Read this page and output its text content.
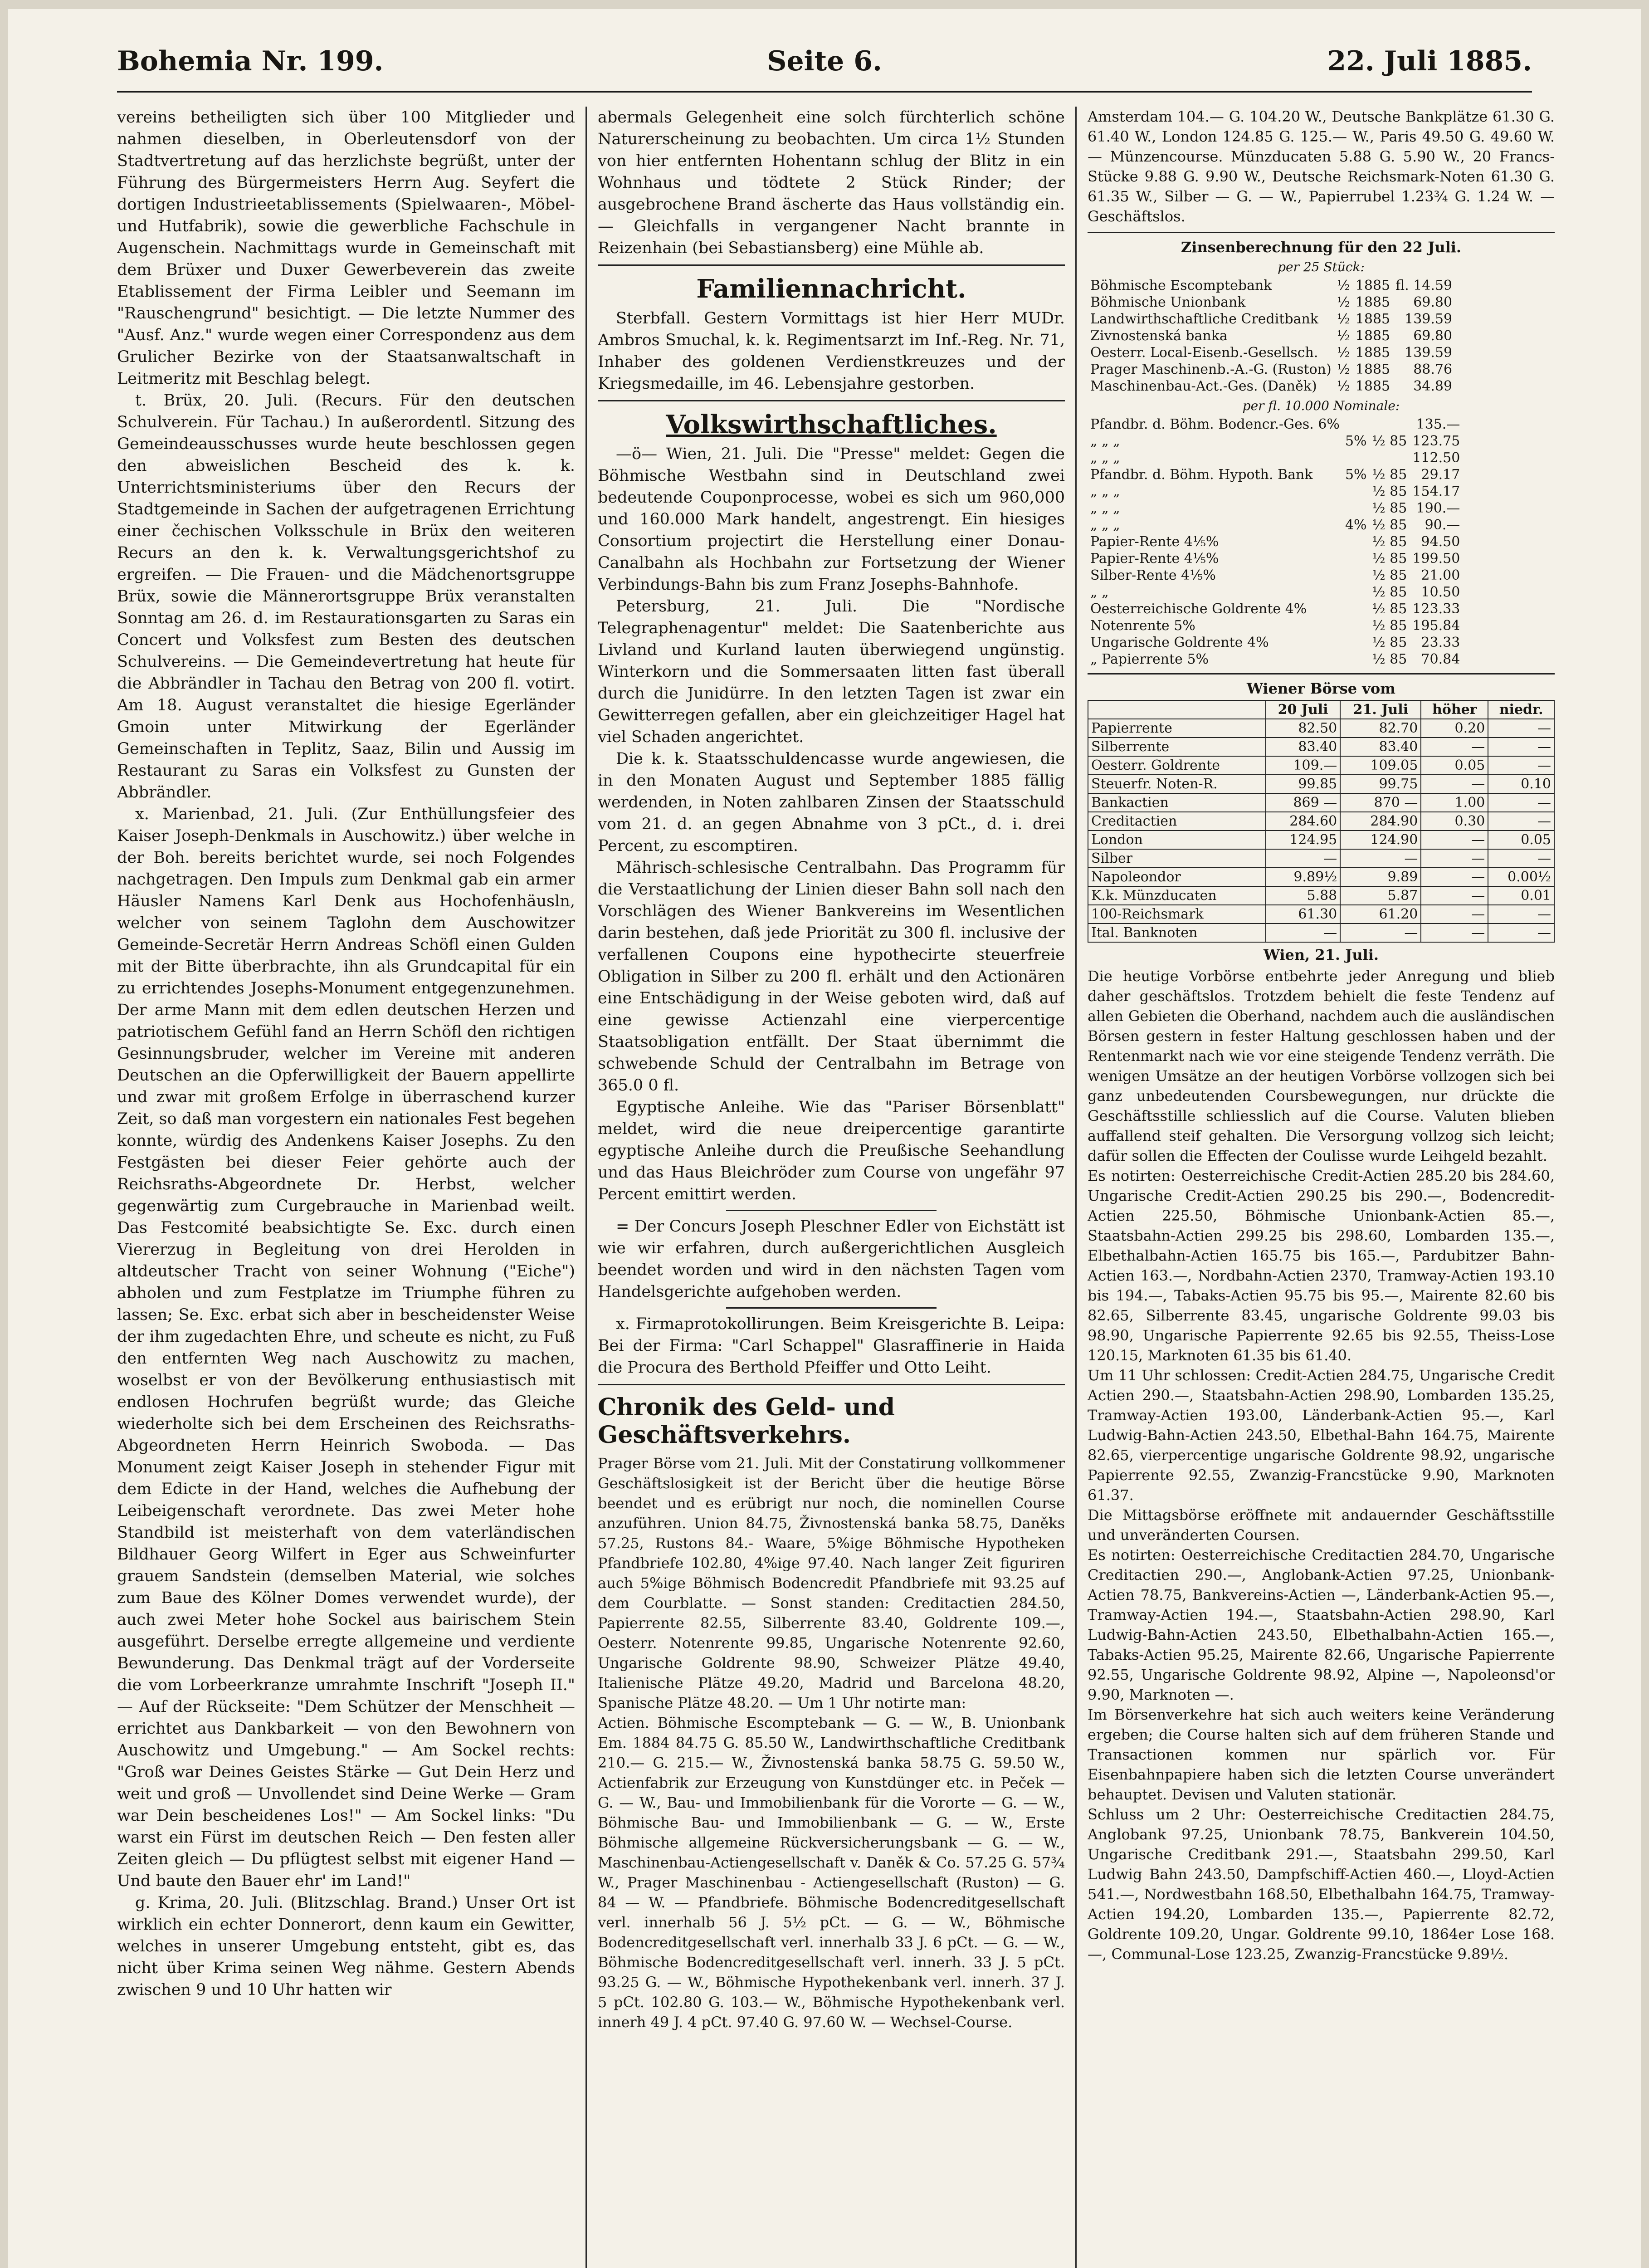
Bohemia Nr. 199.	Seite 6.	22. Juli 1885.

vereins betheiligten sich über 100 Mitglieder und nahmen dieselben, in Oberleutensdorf von der Stadtvertretung auf das herzlichste begrüßt, unter der Führung des Bürgermeisters Herrn Aug. Seyfert die dortigen Industrieetablissements (Spielwaaren-, Möbel- und Hutfabrik), sowie die gewerbliche Fachschule in Augenschein. Nachmittags wurde in Gemeinschaft mit dem Brüxer und Duxer Gewerbeverein das zweite Etablissement der Firma Leibler und Seemann im "Rauschengrund" besichtigt. — Die letzte Nummer des "Ausf. Anz." wurde wegen einer Correspondenz aus dem Grulicher Bezirke von der Staatsanwaltschaft in Leitmeritz mit Beschlag belegt.

t. Brüx, 20. Juli. (Recurs. Für den deutschen Schulverein. Für Tachau.) In außerordentl. Sitzung des Gemeindeausschusses wurde heute beschlossen gegen den abweislichen Bescheid des k. k. Unterrichtsministeriums über den Recurs der Stadtgemeinde in Sachen der aufgetragenen Errichtung einer čechischen Volksschule in Brüx den weiteren Recurs an den k. k. Verwaltungsgerichtshof zu ergreifen. — Die Frauen- und die Mädchenortsgruppe Brüx, sowie die Männerortsgruppe Brüx veranstalten Sonntag am 26. d. im Restaurationsgarten zu Saras ein Concert und Volksfest zum Besten des deutschen Schulvereins. — Die Gemeindevertretung hat heute für die Abbrändler in Tachau den Betrag von 200 fl. votirt. Am 18. August veranstaltet die hiesige Egerländer Gmoin unter Mitwirkung der Egerländer Gemeinschaften in Teplitz, Saaz, Bilin und Aussig im Restaurant zu Saras ein Volksfest zu Gunsten der Abbrändler.

x. Marienbad, 21. Juli. (Zur Enthüllungsfeier des Kaiser Joseph-Denkmals in Auschowitz.) über welche in der Boh. bereits berichtet wurde, sei noch Folgendes nachgetragen. Den Impuls zum Denkmal gab ein armer Häusler Namens Karl Denk aus Hochofenhäusln, welcher von seinem Taglohn dem Auschowitzer Gemeinde-Secretär Herrn Andreas Schöfl einen Gulden mit der Bitte überbrachte, ihn als Grundcapital für ein zu errichtendes Josephs-Monument entgegenzunehmen. Der arme Mann mit dem edlen deutschen Herzen und patriotischem Gefühl fand an Herrn Schöfl den richtigen Gesinnungsbruder, welcher im Vereine mit anderen Deutschen an die Opferwilligkeit der Bauern appellirte und zwar mit großem Erfolge in überraschend kurzer Zeit, so daß man vorgestern ein nationales Fest begehen konnte, würdig des Andenkens Kaiser Josephs. Zu den Festgästen bei dieser Feier gehörte auch der Reichsraths-Abgeordnete Dr. Herbst, welcher gegenwärtig zum Curgebrauche in Marienbad weilt. Das Festcomité beabsichtigte Se. Exc. durch einen Viererzug in Begleitung von drei Herolden in altdeutscher Tracht von seiner Wohnung ("Eiche") abholen und zum Festplatze im Triumphe führen zu lassen; Se. Exc. erbat sich aber in bescheidenster Weise der ihm zugedachten Ehre, und scheute es nicht, zu Fuß den entfernten Weg nach Auschowitz zu machen, woselbst er von der Bevölkerung enthusiastisch mit endlosen Hochrufen begrüßt wurde; das Gleiche wiederholte sich bei dem Erscheinen des Reichsraths-Abgeordneten Herrn Heinrich Swoboda. — Das Monument zeigt Kaiser Joseph in stehender Figur mit dem Edicte in der Hand, welches die Aufhebung der Leibeigenschaft verordnete. Das zwei Meter hohe Standbild ist meisterhaft von dem vaterländischen Bildhauer Georg Wilfert in Eger aus Schweinfurter grauem Sandstein (demselben Material, wie solches zum Baue des Kölner Domes verwendet wurde), der auch zwei Meter hohe Sockel aus bairischem Stein ausgeführt. Derselbe erregte allgemeine und verdiente Bewunderung. Das Denkmal trägt auf der Vorderseite die vom Lorbeerkranze umrahmte Inschrift "Joseph II." — Auf der Rückseite: "Dem Schützer der Menschheit — errichtet aus Dankbarkeit — von den Bewohnern von Auschowitz und Umgebung." — Am Sockel rechts: "Groß war Deines Geistes Stärke — Gut Dein Herz und weit und groß — Unvollendet sind Deine Werke — Gram war Dein bescheidenes Los!" — Am Sockel links: "Du warst ein Fürst im deutschen Reich — Den festen aller Zeiten gleich — Du pflügtest selbst mit eigener Hand — Und baute den Bauer ehr' im Land!"

g. Krima, 20. Juli. (Blitzschlag. Brand.) Unser Ort ist wirklich ein echter Donnerort, denn kaum ein Gewitter, welches in unserer Umgebung entsteht, gibt es, das nicht über Krima seinen Weg nähme. Gestern Abends zwischen 9 und 10 Uhr hatten wir

abermals Gelegenheit eine solch fürchterlich schöne Naturerscheinung zu beobachten. Um circa 1½ Stunden von hier entfernten Hohentann schlug der Blitz in ein Wohnhaus und tödtete 2 Stück Rinder; der ausgebrochene Brand äscherte das Haus vollständig ein. — Gleichfalls in vergangener Nacht brannte in Reizenhain (bei Sebastiansberg) eine Mühle ab.

Familiennachricht.

Sterbfall. Gestern Vormittags ist hier Herr MUDr. Ambros Smuchal, k. k. Regimentsarzt im Inf.-Reg. Nr. 71, Inhaber des goldenen Verdienstkreuzes und der Kriegsmedaille, im 46. Lebensjahre gestorben.

Volkswirthschaftliches.

—ö— Wien, 21. Juli. Die "Presse" meldet: Gegen die Böhmische Westbahn sind in Deutschland zwei bedeutende Couponprocesse, wobei es sich um 960,000 und 160.000 Mark handelt, angestrengt. Ein hiesiges Consortium projectirt die Herstellung einer Donau-Canalbahn als Hochbahn zur Fortsetzung der Wiener Verbindungs-Bahn bis zum Franz Josephs-Bahnhofe.

Petersburg, 21. Juli. Die "Nordische Telegraphenagentur" meldet: Die Saatenberichte aus Livland und Kurland lauten überwiegend ungünstig. Winterkorn und die Sommersaaten litten fast überall durch die Junidürre. In den letzten Tagen ist zwar ein Gewitterregen gefallen, aber ein gleichzeitiger Hagel hat viel Schaden angerichtet.

Die k. k. Staatsschuldencasse wurde angewiesen, die in den Monaten August und September 1885 fällig werdenden, in Noten zahlbaren Zinsen der Staatsschuld vom 21. d. an gegen Abnahme von 3 pCt., d. i. drei Percent, zu escomptiren.

Mährisch-schlesische Centralbahn. Das Programm für die Verstaatlichung der Linien dieser Bahn soll nach den Vorschlägen des Wiener Bankvereins im Wesentlichen darin bestehen, daß jede Priorität zu 300 fl. inclusive der verfallenen Coupons eine hypothecirte steuerfreie Obligation in Silber zu 200 fl. erhält und den Actionären eine Entschädigung in der Weise geboten wird, daß auf eine gewisse Actienzahl eine vierpercentige Staatsobligation entfällt. Der Staat übernimmt die schwebende Schuld der Centralbahn im Betrage von 365.0 0 fl.

Egyptische Anleihe. Wie das "Pariser Börsenblatt" meldet, wird die neue dreipercentige garantirte egyptische Anleihe durch die Preußische Seehandlung und das Haus Bleichröder zum Course von ungefähr 97 Percent emittirt werden.

= Der Concurs Joseph Pleschner Edler von Eichstätt ist wie wir erfahren, durch außergerichtlichen Ausgleich beendet worden und wird in den nächsten Tagen vom Handelsgerichte aufgehoben werden.

x. Firmaprotokollirungen. Beim Kreisgerichte B. Leipa: Bei der Firma: "Carl Schappel" Glasraffinerie in Haida die Procura des Berthold Pfeiffer und Otto Leiht.

Chronik des Geld- und Geschäftsverkehrs.

Prager Börse vom 21. Juli. Mit der Constatirung vollkommener Geschäftslosigkeit ist der Bericht über die heutige Börse beendet und es erübrigt nur noch, die nominellen Course anzuführen. Union 84.75, Živnostenská banka 58.75, Daněks 57.25, Rustons 84.- Waare, 5%ige Böhmische Hypotheken Pfandbriefe 102.80, 4%ige 97.40. Nach langer Zeit figuriren auch 5%ige Böhmisch Bodencredit Pfandbriefe mit 93.25 auf dem Courblatte. — Sonst standen: Creditactien 284.50, Papierrente 82.55, Silberrente 83.40, Goldrente 109.—, Oesterr. Notenrente 99.85, Ungarische Notenrente 92.60, Ungarische Goldrente 98.90, Schweizer Plätze 49.40, Italienische Plätze 49.20, Madrid und Barcelona 48.20, Spanische Plätze 48.20. — Um 1 Uhr notirte man:

Actien. Böhmische Escomptebank — G. — W., B. Unionbank Em. 1884 84.75 G. 85.50 W., Landwirthschaftliche Creditbank 210.— G. 215.— W., Živnostenská banka 58.75 G. 59.50 W., Actienfabrik zur Erzeugung von Kunstdünger etc. in Peček — G. — W., Bau- und Immobilienbank für die Vororte — G. — W., Böhmische Bau- und Immobilienbank — G. — W., Erste Böhmische allgemeine Rückversicherungsbank — G. — W., Maschinenbau-Actiengesellschaft v. Daněk & Co. 57.25 G. 57¾ W., Prager Maschinenbau - Actiengesellschaft (Ruston) — G. 84 — W. — Pfandbriefe. Böhmische Bodencreditgesellschaft verl. innerhalb 56 J. 5½ pCt. — G. — W., Böhmische Bodencreditgesellschaft verl. innerhalb 33 J. 6 pCt. — G. — W., Böhmische Bodencreditgesellschaft verl. innerh. 33 J. 5 pCt. 93.25 G. — W., Böhmische Hypothekenbank verl. innerh. 37 J. 5 pCt. 102.80 G. 103.— W., Böhmische Hypothekenbank verl. innerh 49 J. 4 pCt. 97.40 G. 97.60 W. — Wechsel-Course.

Amsterdam 104.— G. 104.20 W., Deutsche Bankplätze 61.30 G. 61.40 W., London 124.85 G. 125.— W., Paris 49.50 G. 49.60 W. — Münzencourse. Münzducaten 5.88 G. 5.90 W., 20 Francs-Stücke 9.88 G. 9.90 W., Deutsche Reichsmark-Noten 61.30 G. 61.35 W., Silber — G. — W., Papierrubel 1.23¾ G. 1.24 W. — Geschäftslos.

Zinsenberechnung für den 22 Juli.
per 25 Stück:
Böhmische Escomptebank	½	1885	fl. 14.59
Böhmische Unionbank	½	1885	69.80
Landwirthschaftliche Creditbank	½	1885	139.59
Zivnostenská banka	½	1885	69.80
Oesterr. Local-Eisenb.-Gesellsch.	½	1885	139.59
Prager Maschinenb.-A.-G. (Ruston)	½	1885	88.76
Maschinenbau-Act.-Ges. (Daněk)	½	1885	34.89
per fl. 10.000 Nominale:
Pfandbr. d. Böhm. Bodencr.-Ges. 6%			135.—
„ „ „	5%	½ 85	123.75
„ „ „			112.50
Pfandbr. d. Böhm. Hypoth. Bank	5%	½ 85	29.17
„ „ „		½ 85	154.17
„ „ „		½ 85	190.—
„ „ „	4%	½ 85	90.—
Papier-Rente 4⅕%		½ 85	94.50
Papier-Rente 4⅕%		½ 85	199.50
Silber-Rente 4⅕%		½ 85	21.00
„ „		½ 85	10.50
Oesterreichische Goldrente 4%		½ 85	123.33
Notenrente 5%		½ 85	195.84
Ungarische Goldrente 4%		½ 85	23.33
„ Papierrente 5%		½ 85	70.84
Wiener Börse vom
	20 Juli	21. Juli	höher	niedr.
Papierrente	82.50	82.70	0.20	—
Silberrente	83.40	83.40	—	—
Oesterr. Goldrente	109.—	109.05	0.05	—
Steuerfr. Noten-R.	99.85	99.75	—	0.10
Bankactien	869 —	870 —	1.00	—
Creditactien	284.60	284.90	0.30	—
London	124.95	124.90	—	0.05
Silber	—	—	—	—
Napoleondor	9.89½	9.89	—	0.00½
K.k. Münzducaten	5.88	5.87	—	0.01
100-Reichsmark	61.30	61.20	—	—
Ital. Banknoten	—	—	—	—
Wien, 21. Juli.

Die heutige Vorbörse entbehrte jeder Anregung und blieb daher geschäftslos. Trotzdem behielt die feste Tendenz auf allen Gebieten die Oberhand, nachdem auch die ausländischen Börsen gestern in fester Haltung geschlossen haben und der Rentenmarkt nach wie vor eine steigende Tendenz verräth. Die wenigen Umsätze an der heutigen Vorbörse vollzogen sich bei ganz unbedeutenden Coursbewegungen, nur drückte die Geschäftsstille schliesslich auf die Course. Valuten blieben auffallend steif gehalten. Die Versorgung vollzog sich leicht; dafür sollen die Effecten der Coulisse wurde Leihgeld bezahlt.

Es notirten: Oesterreichische Credit-Actien 285.20 bis 284.60, Ungarische Credit-Actien 290.25 bis 290.—, Bodencredit-Actien 225.50, Böhmische Unionbank-Actien 85.—, Staatsbahn-Actien 299.25 bis 298.60, Lombarden 135.—, Elbethalbahn-Actien 165.75 bis 165.—, Pardubitzer Bahn-Actien 163.—, Nordbahn-Actien 2370, Tramway-Actien 193.10 bis 194.—, Tabaks-Actien 95.75 bis 95.—, Mairente 82.60 bis 82.65, Silberrente 83.45, ungarische Goldrente 99.03 bis 98.90, Ungarische Papierrente 92.65 bis 92.55, Theiss-Lose 120.15, Marknoten 61.35 bis 61.40.

Um 11 Uhr schlossen: Credit-Actien 284.75, Ungarische Credit Actien 290.—, Staatsbahn-Actien 298.90, Lombarden 135.25, Tramway-Actien 193.00, Länderbank-Actien 95.—, Karl Ludwig-Bahn-Actien 243.50, Elbethal-Bahn 164.75, Mairente 82.65, vierpercentige ungarische Goldrente 98.92, ungarische Papierrente 92.55, Zwanzig-Francstücke 9.90, Marknoten 61.37.

Die Mittagsbörse eröffnete mit andauernder Geschäftsstille und unveränderten Coursen.

Es notirten: Oesterreichische Creditactien 284.70, Ungarische Creditactien 290.—, Anglobank-Actien 97.25, Unionbank-Actien 78.75, Bankvereins-Actien —, Länderbank-Actien 95.—, Tramway-Actien 194.—, Staatsbahn-Actien 298.90, Karl Ludwig-Bahn-Actien 243.50, Elbethalbahn-Actien 165.—, Tabaks-Actien 95.25, Mairente 82.66, Ungarische Papierrente 92.55, Ungarische Goldrente 98.92, Alpine —, Napoleonsd'or 9.90, Marknoten —.

Im Börsenverkehre hat sich auch weiters keine Veränderung ergeben; die Course halten sich auf dem früheren Stande und Transactionen kommen nur spärlich vor. Für Eisenbahnpapiere haben sich die letzten Course unverändert behauptet. Devisen und Valuten stationär.

Schluss um 2 Uhr: Oesterreichische Creditactien 284.75, Anglobank 97.25, Unionbank 78.75, Bankverein 104.50, Ungarische Creditbank 291.—, Staatsbahn 299.50, Karl Ludwig Bahn 243.50, Dampfschiff-Actien 460.—, Lloyd-Actien 541.—, Nordwestbahn 168.50, Elbethalbahn 164.75, Tramway-Actien 194.20, Lombarden 135.—, Papierrente 82.72, Goldrente 109.20, Ungar. Goldrente 99.10, 1864er Lose 168.—, Communal-Lose 123.25, Zwanzig-Francstücke 9.89½.
